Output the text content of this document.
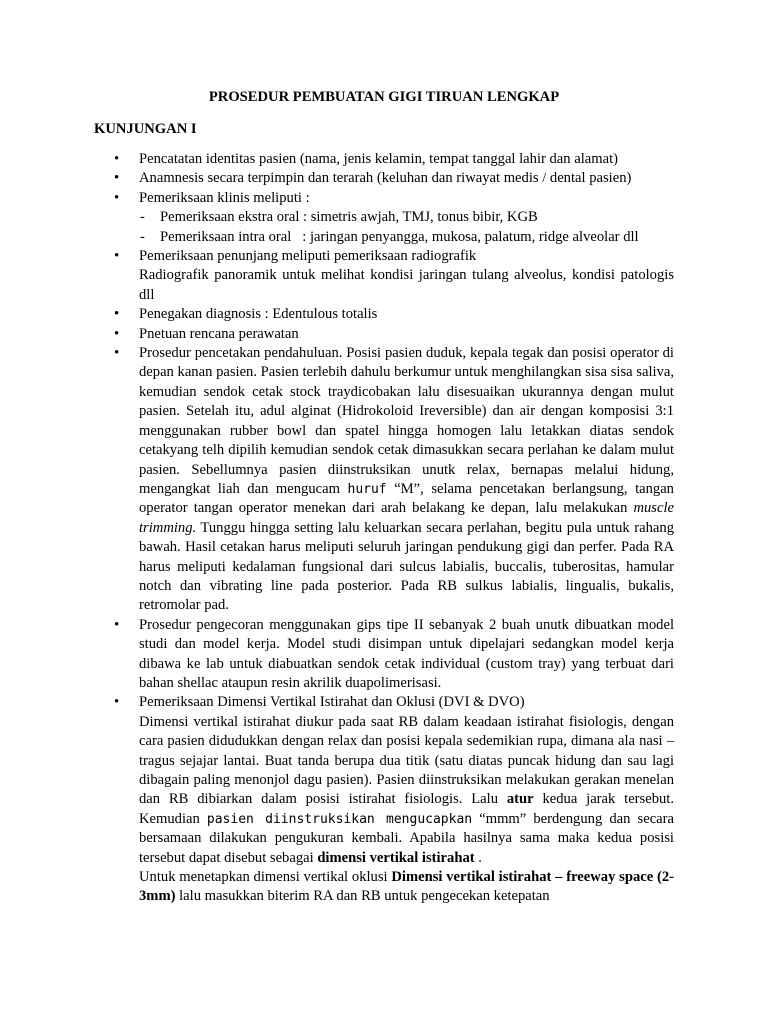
PROSEDUR PEMBUATAN GIGI TIRUAN LENGKAP
KUNJUNGAN I
• Pencatatan identitas pasien (nama, jenis kelamin, tempat tanggal lahir dan alamat)
• Anamnesis secara terpimpin dan terarah (keluhan dan riwayat medis / dental pasien)
• Pemeriksaan klinis meliputi :
- Pemeriksaan ekstra oral : simetris awjah, TMJ, tonus bibir, KGB
- Pemeriksaan intra oral   : jaringan penyangga, mukosa, palatum, ridge alveolar dll
• Pemeriksaan penunjang meliputi pemeriksaan radiografik
Radiografik panoramik untuk melihat kondisi jaringan tulang alveolus, kondisi patologis dll
• Penegakan diagnosis : Edentulous totalis
• Pnetuan rencana perawatan
• Prosedur pencetakan pendahuluan. Posisi pasien duduk, kepala tegak dan posisi operator di depan kanan pasien. Pasien terlebih dahulu berkumur untuk menghilangkan sisa sisa saliva, kemudian sendok cetak stock traydicobakan lalu disesuaikan ukurannya dengan mulut pasien. Setelah itu, adul alginat (Hidrokoloid Ireversible) dan air dengan komposisi 3:1 menggunakan rubber bowl dan spatel hingga homogen lalu letakkan diatas sendok cetakyang telh dipilih kemudian sendok cetak dimasukkan secara perlahan ke dalam mulut pasien. Sebellumnya pasien diinstruksikan unutk relax, bernapas melalui hidung, mengangkat liah dan mengucam huruf “M”, selama pencetakan berlangsung, tangan operator tangan operator menekan dari arah belakang ke depan, lalu melakukan muscle trimming. Tunggu hingga setting lalu keluarkan secara perlahan, begitu pula untuk rahang bawah. Hasil cetakan harus meliputi seluruh jaringan pendukung gigi dan perfer. Pada RA harus meliputi kedalaman fungsional dari sulcus labialis, buccalis, tuberositas, hamular notch dan vibrating line pada posterior. Pada RB sulkus labialis, lingualis, bukalis, retromolar pad.
• Prosedur pengecoran menggunakan gips tipe II sebanyak 2 buah unutk dibuatkan model studi dan model kerja. Model studi disimpan untuk dipelajari sedangkan model kerja dibawa ke lab untuk diabuatkan sendok cetak individual (custom tray) yang terbuat dari bahan shellac ataupun resin akrilik duapolimerisasi.
• Pemeriksaan Dimensi Vertikal Istirahat dan Oklusi (DVI & DVO)
Dimensi vertikal istirahat diukur pada saat RB dalam keadaan istirahat fisiologis, dengan cara pasien didudukkan dengan relax dan posisi kepala sedemikian rupa, dimana ala nasi – tragus sejajar lantai. Buat tanda berupa dua titik (satu diatas puncak hidung dan sau lagi dibagain paling menonjol dagu pasien). Pasien diinstruksikan melakukan gerakan menelan dan RB dibiarkan dalam posisi istirahat fisiologis. Lalu atur kedua jarak tersebut. Kemudian pasien diinstruksikan mengucapkan “mmm” berdengung dan secara bersamaan dilakukan pengukuran kembali. Apabila hasilnya sama maka kedua posisi tersebut dapat disebut sebagai dimensi vertikal istirahat .
Untuk menetapkan dimensi vertikal oklusi Dimensi vertikal istirahat – freeway space (2-3mm) lalu masukkan biterim RA dan RB untuk pengecekan ketepatan
